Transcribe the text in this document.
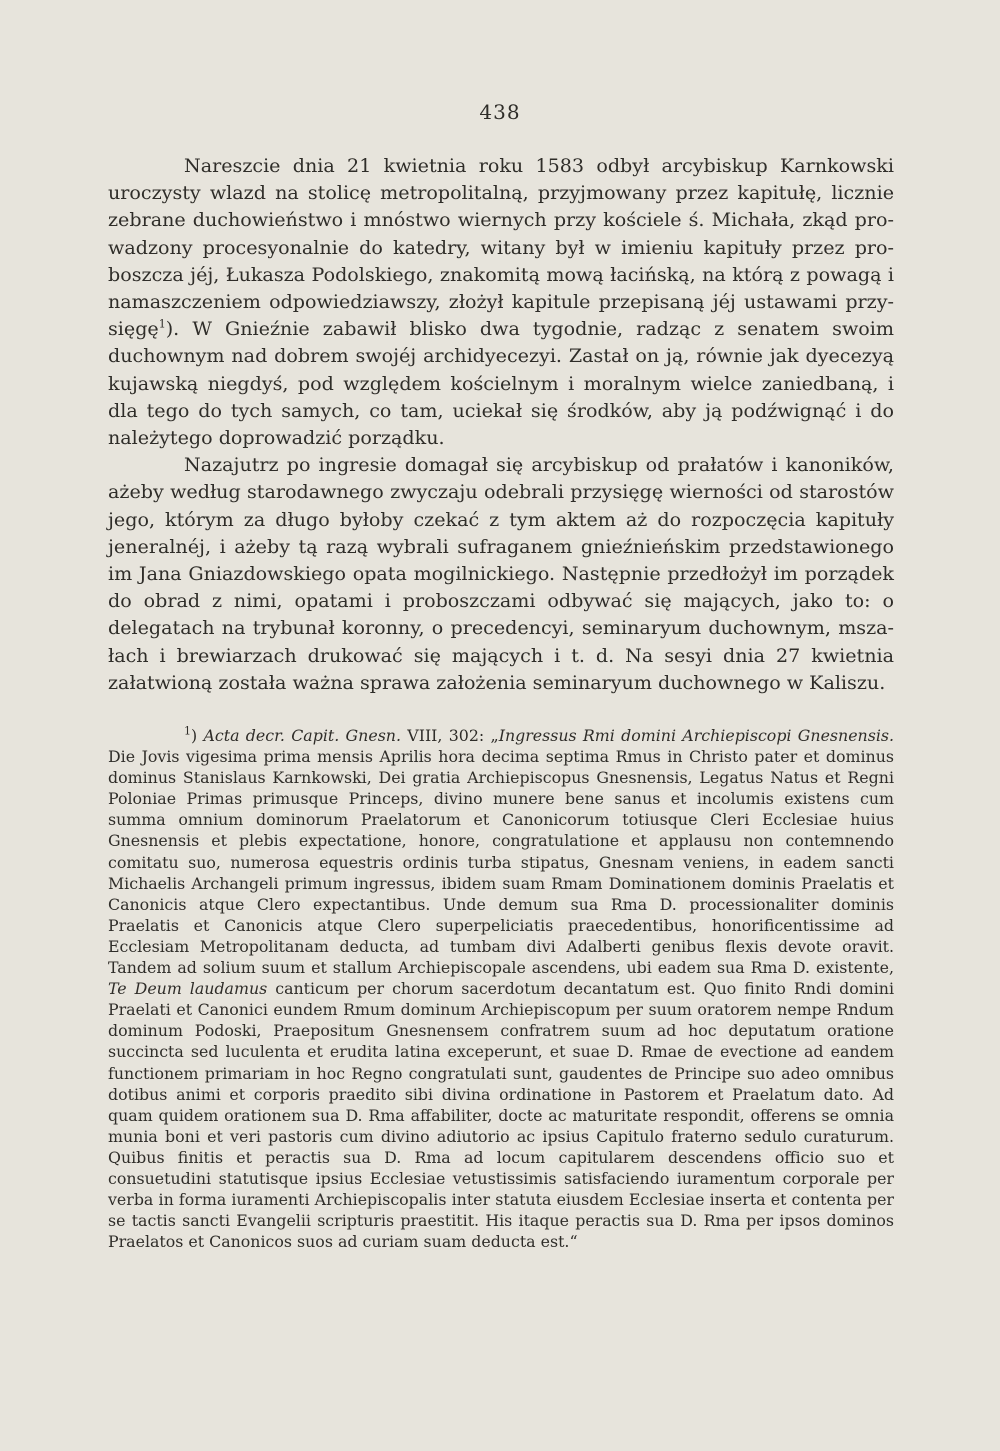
438

Nareszcie dnia 21 kwietnia roku 1583 odbył arcybiskup Karnkowski uroczysty wlazd na stolicę metropolitalną, przyjmowany przez kapitułę, licznie zebrane duchowieństwo i mnóstwo wiernych przy kościele ś. Michała, zkąd prowadzony procesyonalnie do katedry, witany był w imieniu kapituły przez proboszcza jéj, Łukasza Podolskiego, znakomitą mową łacińską, na którą z powagą i namaszczeniem odpowiedziawszy, złożył kapitule przepisaną jéj ustawami przysięgę$^1$). W Gnieźnie zabawił blisko dwa tygodnie, radząc z senatem swoim duchownym nad dobrem swojéj archidyecezyi. Zastał on ją, równie jak dyecezyą kujawską niegdyś, pod względem kościelnym i moralnym wielce zaniedbaną, i dla tego do tych samych, co tam, uciekał się środków, aby ją podźwignąć i do należytego doprowadzić porządku.

Nazajutrz po ingresie domagał się arcybiskup od prałatów i kanoników, ażeby według starodawnego zwyczaju odebrali przysięgę wierności od starostów jego, którym za długo byłoby czekać z tym aktem aż do rozpoczęcia kapituły jeneralnéj, i ażeby tą razą wybrali sufraganem gnieźnieńskim przedstawionego im Jana Gniazdowskiego opata mogilnickiego. Następnie przedłożył im porządek do obrad z nimi, opatami i proboszczami odbywać się mających, jako to: o delegatach na trybunał koronny, o precedencyi, seminaryum duchownym, mszałach i brewiarzach drukować się mających i t. d. Na sesyi dnia 27 kwietnia załatwioną została ważna sprawa założenia seminaryum duchownego w Kaliszu.

$^1$) Acta decr. Capit. Gnesn. VIII, 302: „Ingressus Rmi domini Archiepiscopi Gnesnensis. Die Jovis vigesima prima mensis Aprilis hora decima septima Rmus in Christo pater et dominus dominus Stanislaus Karnkowski, Dei gratia Archiepiscopus Gnesnensis, Legatus Natus et Regni Poloniae Primas primusque Princeps, divino munere bene sanus et incolumis existens cum summa omnium dominorum Praelatorum et Canonicorum totiusque Cleri Ecclesiae huius Gnesnensis et plebis expectatione, honore, congratulatione et applausu non contemnendo comitatu suo, numerosa equestris ordinis turba stipatus, Gnesnam veniens, in eadem sancti Michaelis Archangeli primum ingressus, ibidem suam Rmam Dominationem dominis Praelatis et Canonicis atque Clero expectantibus. Unde demum sua Rma D. processionaliter dominis Praelatis et Canonicis atque Clero superpeliciatis praecedentibus, honorificentissime ad Ecclesiam Metropolitanam deducta, ad tumbam divi Adalberti genibus flexis devote oravit. Tandem ad solium suum et stallum Archiepiscopale ascendens, ubi eadem sua Rma D. existente, Te Deum laudamus canticum per chorum sacerdotum decantatum est. Quo finito Rndi domini Praelati et Canonici eundem Rmum dominum Archiepiscopum per suum oratorem nempe Rndum dominum Podoski, Praepositum Gnesnensem confratrem suum ad hoc deputatum oratione succincta sed luculenta et erudita latina exceperunt, et suae D. Rmae de evectione ad eandem functionem primariam in hoc Regno congratulati sunt, gaudentes de Principe suo adeo omnibus dotibus animi et corporis praedito sibi divina ordinatione in Pastorem et Praelatum dato. Ad quam quidem orationem sua D. Rma affabiliter, docte ac maturitate respondit, offerens se omnia munia boni et veri pastoris cum divino adiutorio ac ipsius Capitulo fraterno sedulo curaturum. Quibus finitis et peractis sua D. Rma ad locum capitularem descendens officio suo et consuetudini statutisque ipsius Ecclesiae vetustissimis satisfaciendo iuramentum corporale per verba in forma iuramenti Archiepiscopalis inter statuta eiusdem Ecclesiae inserta et contenta per se tactis sancti Evangelii scripturis praestitit. His itaque peractis sua D. Rma per ipsos dominos Praelatos et Canonicos suos ad curiam suam deducta est.“
